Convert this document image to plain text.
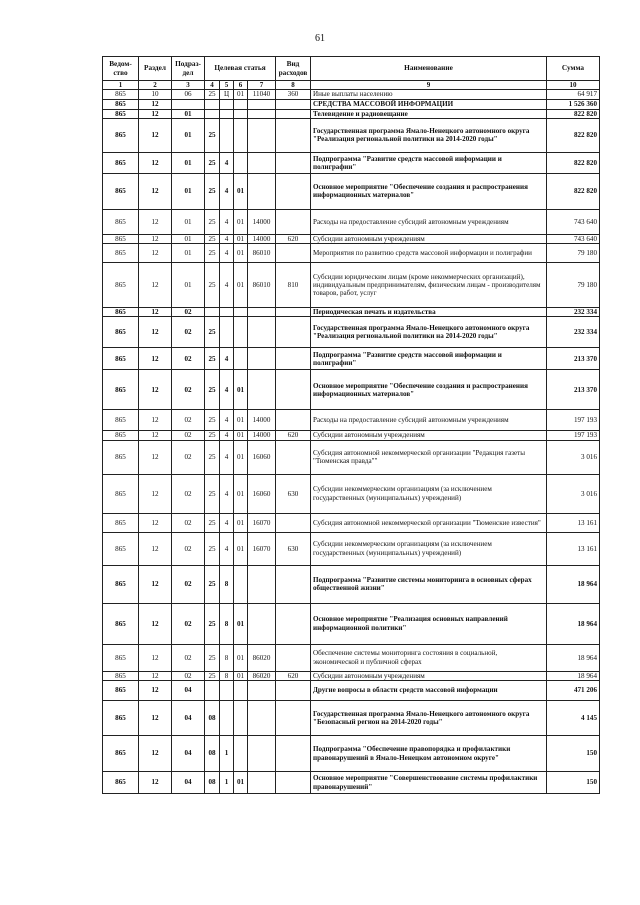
61
Ведом-ство	Раздел	Подраз-дел	Целевая статья				Вид расходов	Наименование	Сумма
1	2	3	4	5	6	7	8	9	10
865	10	06	25	Ц	01	11040	360	Иные выплаты населению	64 917
865	12							СРЕДСТВА МАССОВОЙ ИНФОРМАЦИИ	1 526 360
865	12	01						Телевидение и радиовещание	822 820
865	12	01	25					Государственная программа Ямало-Ненецкого автономного округа "Реализация региональной политики на 2014-2020 годы"	822 820
865	12	01	25	4				Подпрограмма "Развитие средств массовой информации и полиграфии"	822 820
865	12	01	25	4	01			Основное мероприятие "Обеспечение создания и распространения информационных материалов"	822 820
865	12	01	25	4	01	14000		Расходы на предоставление субсидий автономным учреждениям	743 640
865	12	01	25	4	01	14000	620	Субсидии автономным учреждениям	743 640
865	12	01	25	4	01	86010		Мероприятия по развитию средств массовой информации и полиграфии	79 180
865	12	01	25	4	01	86010	810	Субсидии юридическим лицам (кроме некоммерческих организаций), индивидуальным предпринимателям, физическим лицам - производителям товаров, работ, услуг	79 180
865	12	02						Периодическая печать и издательства	232 334
865	12	02	25					Государственная программа Ямало-Ненецкого автономного округа "Реализация региональной политики на 2014-2020 годы"	232 334
865	12	02	25	4				Подпрограмма "Развитие средств массовой информации и полиграфии"	213 370
865	12	02	25	4	01			Основное мероприятие "Обеспечение создания и распространения информационных материалов"	213 370
865	12	02	25	4	01	14000		Расходы на предоставление субсидий автономным учреждениям	197 193
865	12	02	25	4	01	14000	620	Субсидии автономным учреждениям	197 193
865	12	02	25	4	01	16060		Субсидия автономной некоммерческой организации "Редакция газеты "Тюменская правда""	3 016
865	12	02	25	4	01	16060	630	Субсидии некоммерческим организациям (за исключением государственных (муниципальных) учреждений)	3 016
865	12	02	25	4	01	16070		Субсидия автономной некоммерческой организации "Тюменские известия"	13 161
865	12	02	25	4	01	16070	630	Субсидии некоммерческим организациям (за исключением государственных (муниципальных) учреждений)	13 161
865	12	02	25	8				Подпрограмма "Развитие системы мониторинга в основных сферах общественной жизни"	18 964
865	12	02	25	8	01			Основное мероприятие "Реализация основных направлений информационной политики"	18 964
865	12	02	25	8	01	86020		Обеспечение системы мониторинга состояния в социальной, экономической и публичной сферах	18 964
865	12	02	25	8	01	86020	620	Субсидии автономным учреждениям	18 964
865	12	04						Другие вопросы в области средств массовой информации	471 206
865	12	04	08					Государственная программа Ямало-Ненецкого автономного округа "Безопасный регион на 2014-2020 годы"	4 145
865	12	04	08	1				Подпрограмма "Обеспечение правопорядка и профилактики правонарушений в Ямало-Ненецком автономном округе"	150
865	12	04	08	1	01			Основное мероприятие "Совершенствование системы профилактики правонарушений"	150
